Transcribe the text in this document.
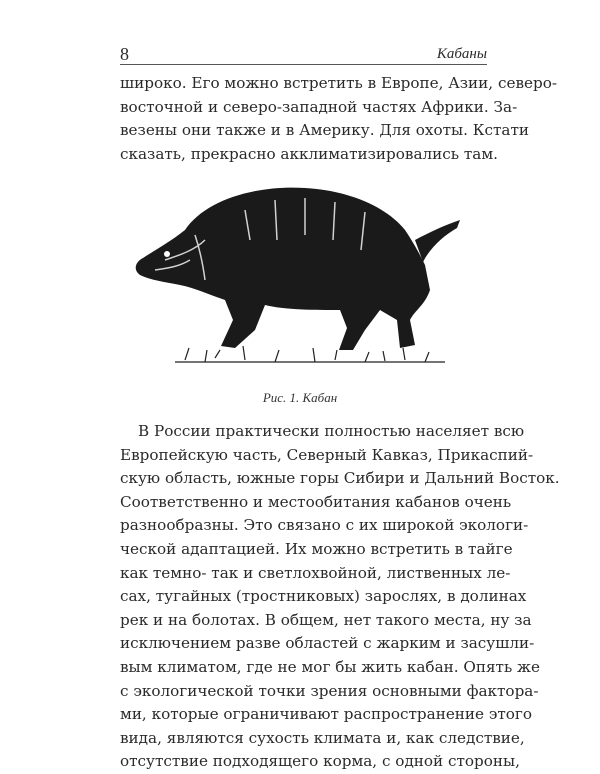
8	Кабаны
широко. Его можно встретить в Европе, Азии, северо-
восточной и северо-западной частях Африки. За-
везены они также и в Америку. Для охоты. Кстати
сказать, прекрасно акклиматизировались там.
Рис. 1. Кабан
В России практически полностью населяет всю
Европейскую часть, Северный Кавказ, Прикаспий-
скую область, южные горы Сибири и Дальний Восток.
Соответственно и местообитания кабанов очень
разнообразны. Это связано с их широкой экологи-
ческой адаптацией. Их можно встретить в тайге
как темно- так и светлохвойной, лиственных ле-
сах, тугайных (тростниковых) зарослях, в долинах
рек и на болотах. В общем, нет такого места, ну за
исключением разве областей с жарким и засушли-
вым климатом, где не мог бы жить кабан. Опять же
с экологической точки зрения основными фактора-
ми, которые ограничивают распространение этого
вида, являются сухость климата и, как следствие,
отсутствие подходящего корма, с одной стороны,
